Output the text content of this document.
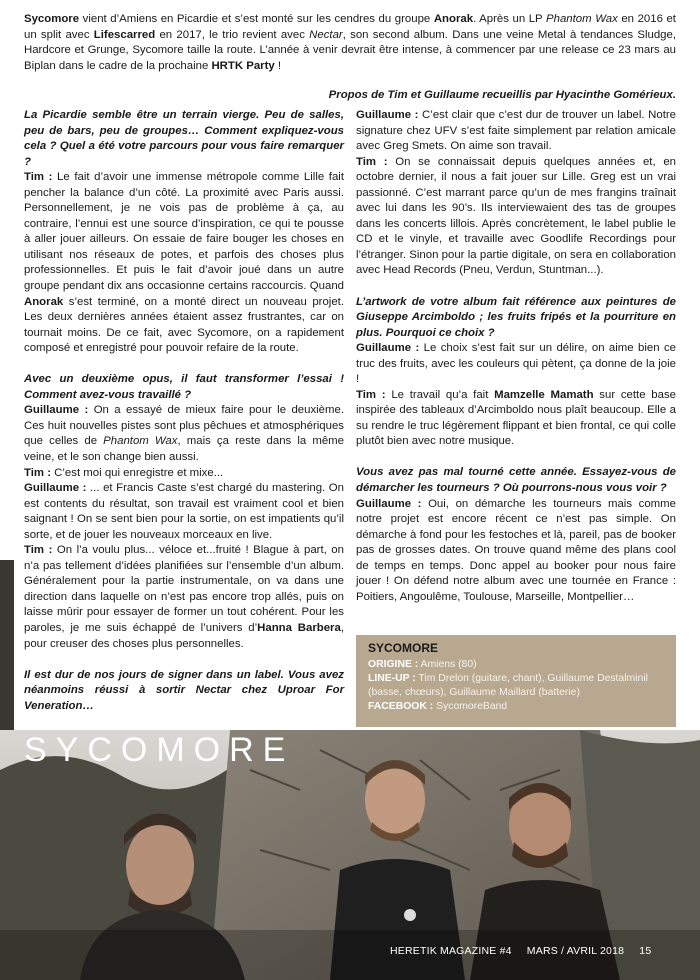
Sycomore vient d’Amiens en Picardie et s’est monté sur les cendres du groupe Anorak. Après un LP Phantom Wax en 2016 et un split avec Lifescarred en 2017, le trio revient avec Nectar, son second album. Dans une veine Metal à tendances Sludge, Hardcore et Grunge, Sycomore taille la route. L’année à venir devrait être intense, à commencer par une release ce 23 mars au Biplan dans le cadre de la prochaine HRTK Party !

Propos de Tim et Guillaume recueillis par Hyacinthe Gomérieux.

La Picardie semble être un terrain vierge. Peu de salles, peu de bars, peu de groupes… Comment expliquez-vous cela ? Quel a été votre parcours pour vous faire remarquer ?

Tim : Le fait d’avoir une immense métropole comme Lille fait pencher la balance d’un côté. La proximité avec Paris aussi. Personnellement, je ne vois pas de problème à ça, au contraire, l’ennui est une source d’inspiration, ce qui te pousse à aller jouer ailleurs. On essaie de faire bouger les choses en utilisant nos réseaux de potes, et parfois des choses plus professionnelles. Et puis le fait d’avoir joué dans un autre groupe pendant dix ans occasionne certains raccourcis. Quand Anorak s’est terminé, on a monté direct un nouveau projet. Les deux dernières années étaient assez frustrantes, car on tournait moins. De ce fait, avec Sycomore, on a rapidement composé et enregistré pour pouvoir refaire de la route.

Avec un deuxième opus, il faut transformer l’essai ! Comment avez-vous travaillé ?

Guillaume : On a essayé de mieux faire pour le deuxième. Ces huit nouvelles pistes sont plus pêchues et atmosphériques que celles de Phantom Wax, mais ça reste dans la même veine, et le son change bien aussi.

Tim : C’est moi qui enregistre et mixe...

Guillaume : ... et Francis Caste s’est chargé du mastering. On est contents du résultat, son travail est vraiment cool et bien saignant ! On se sent bien pour la sortie, on est impatients qu’il sorte, et de jouer les nouveaux morceaux en live.

Tim : On l’a voulu plus... véloce et...fruité ! Blague à part, on n’a pas tellement d’idées planifiées sur l’ensemble d’un album. Généralement pour la partie instrumentale, on va dans une direction dans laquelle on n’est pas encore trop allés, puis on laisse mûrir pour essayer de former un tout cohérent. Pour les paroles, je me suis échappé de l’univers d’Hanna Barbera, pour creuser des choses plus personnelles.

Il est dur de nos jours de signer dans un label. Vous avez néanmoins réussi à sortir Nectar chez Uproar For Veneration…

Guillaume : C’est clair que c’est dur de trouver un label. Notre signature chez UFV s’est faite simplement par relation amicale avec Greg Smets. On aime son travail.

Tim : On se connaissait depuis quelques années et, en octobre dernier, il nous a fait jouer sur Lille. Greg est un vrai passionné. C’est marrant parce qu’un de mes frangins traînait avec lui dans les 90’s. Ils interviewaient des tas de groupes dans les concerts lillois. Après concrètement, le label publie le CD et le vinyle, et travaille avec Goodlife Recordings pour l’étranger. Sinon pour la partie digitale, on sera en collaboration avec Head Records (Pneu, Verdun, Stuntman...).

L’artwork de votre album fait référence aux peintures de Giuseppe Arcimboldo ; les fruits fripés et la pourriture en plus. Pourquoi ce choix ?

Guillaume : Le choix s’est fait sur un délire, on aime bien ce truc des fruits, avec les couleurs qui pètent, ça donne de la joie !

Tim : Le travail qu’a fait Mamzelle Mamath sur cette base inspirée des tableaux d’Arcimboldo nous plaît beaucoup. Elle a su rendre le truc légèrement flippant et bien frontal, ce qui colle plutôt bien avec notre musique.

Vous avez pas mal tourné cette année. Essayez-vous de démarcher les tourneurs ? Où pourrons-nous vous voir ?

Guillaume : Oui, on démarche les tourneurs mais comme notre projet est encore récent ce n’est pas simple. On démarche à fond pour les festoches et là, pareil, pas de booker pas de grosses dates. On trouve quand même des plans cool de temps en temps. Donc appel au booker pour nous faire jouer ! On défend notre album avec une tournée en France : Poitiers, Angoulême, Toulouse, Marseille, Montpellier…

SYCOMORE
ORIGINE : Amiens (80)
LINE-UP : Tim Drelon (guitare, chant), Guillaume Destalminil (basse, chœurs), Guillaume Maillard (batterie)
FACEBOOK : SycomoreBand
SYCOMORE
HERETIK MAGAZINE #4 MARS / AVRIL 2018 15
